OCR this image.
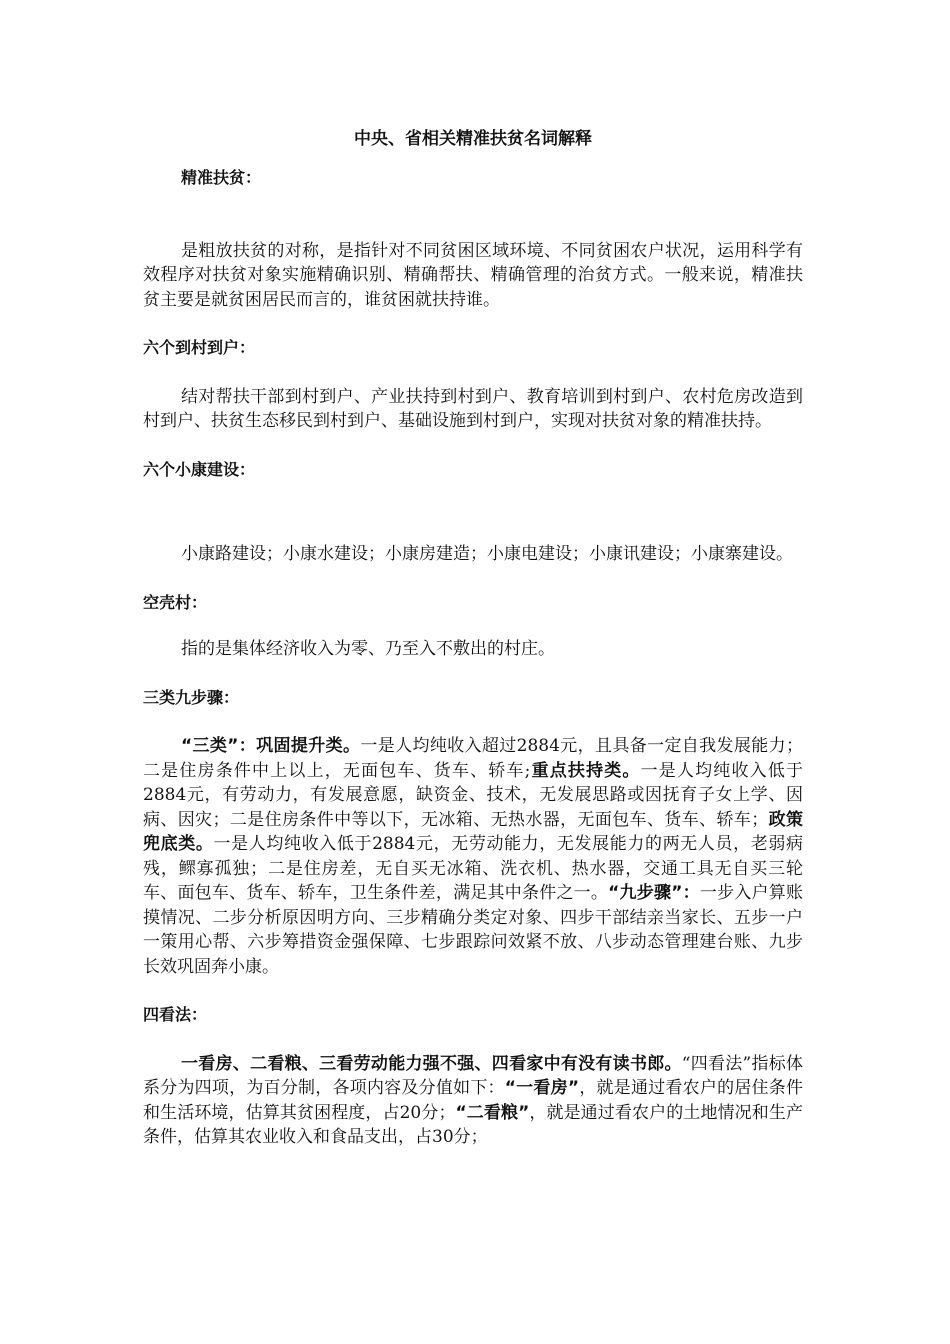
中央、省相关精准扶贫名词解释
精准扶贫：

是粗放扶贫的对称，是指针对不同贫困区域环境、不同贫困农户状况，运用科学有效程序对扶贫对象实施精确识别、精确帮扶、精确管理的治贫方式。一般来说，精准扶贫主要是就贫困居民而言的，谁贫困就扶持谁。

六个到村到户：

结对帮扶干部到村到户、产业扶持到村到户、教育培训到村到户、农村危房改造到村到户、扶贫生态移民到村到户、基础设施到村到户，实现对扶贫对象的精准扶持。

六个小康建设：

小康路建设；小康水建设；小康房建造；小康电建设；小康讯建设；小康寨建设。

空壳村：

指的是集体经济收入为零、乃至入不敷出的村庄。

三类九步骤：

“三类”：巩固提升类。一是人均纯收入超过2884元，且具备一定自我发展能力；二是住房条件中上以上，无面包车、货车、轿车;重点扶持类。一是人均纯收入低于2884元，有劳动力，有发展意愿，缺资金、技术，无发展思路或因抚育子女上学、因病、因灾；二是住房条件中等以下，无冰箱、无热水器，无面包车、货车、轿车；政策兜底类。一是人均纯收入低于2884元，无劳动能力，无发展能力的两无人员，老弱病残，鳏寡孤独；二是住房差，无自买无冰箱、洗衣机、热水器，交通工具无自买三轮车、面包车、货车、轿车，卫生条件差，满足其中条件之一。“九步骤”：一步入户算账摸情况、二步分析原因明方向、三步精确分类定对象、四步干部结亲当家长、五步一户一策用心帮、六步筹措资金强保障、七步跟踪问效紧不放、八步动态管理建台账、九步长效巩固奔小康。

四看法：

一看房、二看粮、三看劳动能力强不强、四看家中有没有读书郎。“四看法”指标体系分为四项，为百分制，各项内容及分值如下：“一看房”，就是通过看农户的居住条件和生活环境，估算其贫困程度，占20分；“二看粮”，就是通过看农户的土地情况和生产条件，估算其农业收入和食品支出，占30分；
